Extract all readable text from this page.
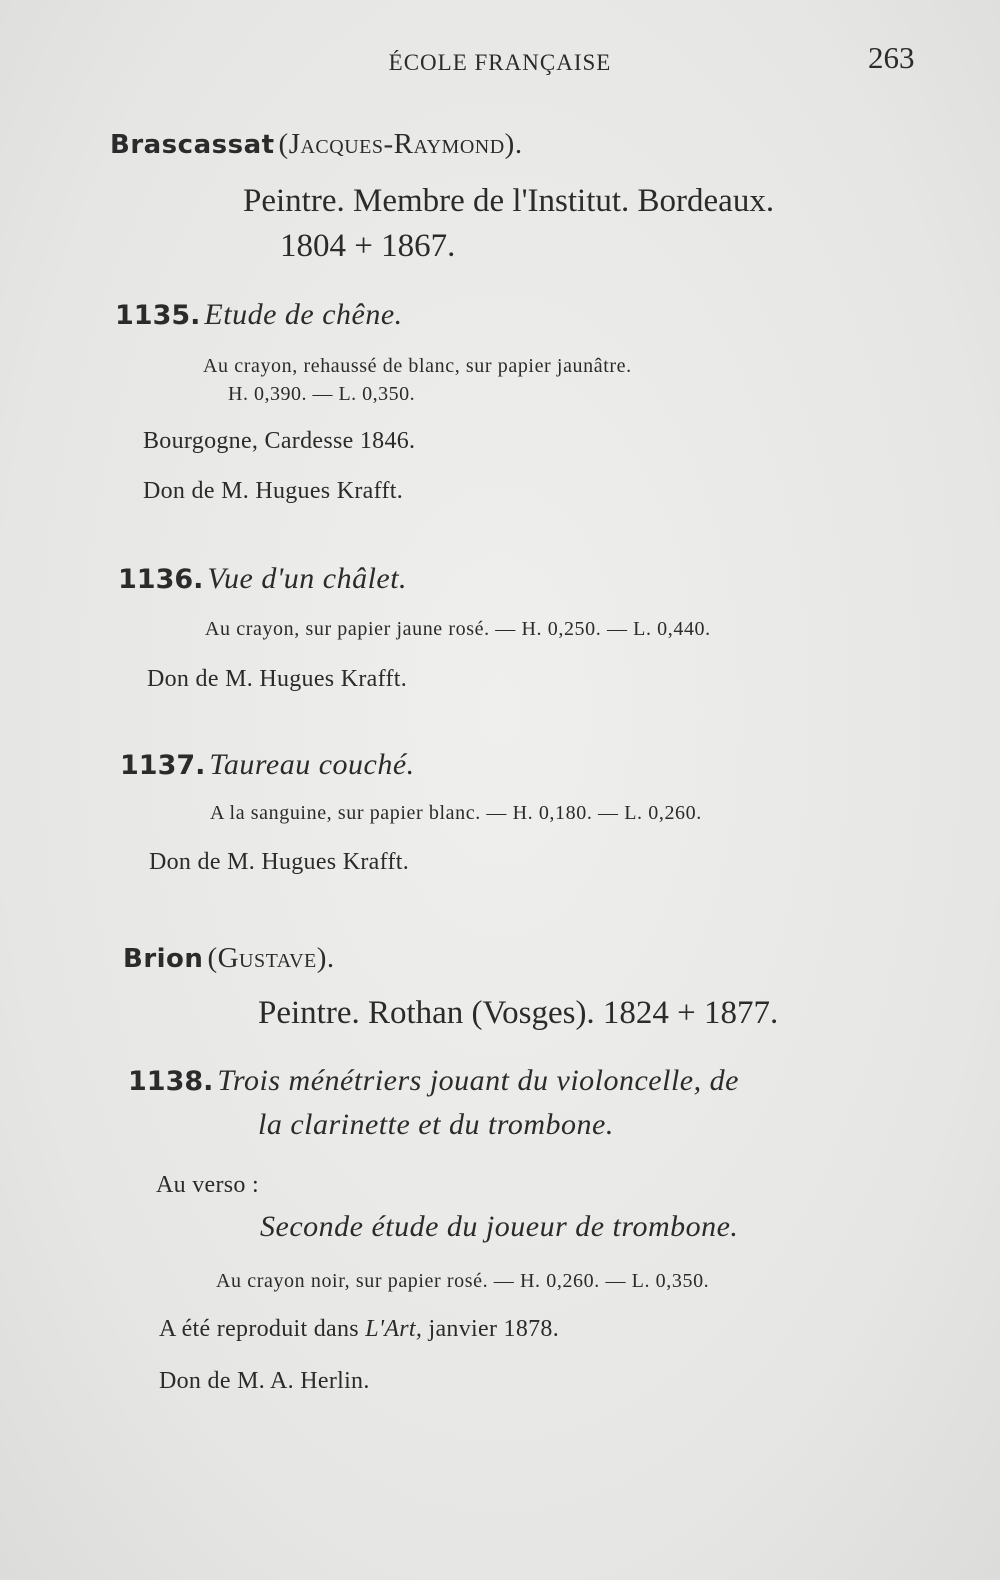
ÉCOLE FRANÇAISE	263
Brascassat (Jacques-Raymond).
Peintre. Membre de l'Institut. Bordeaux.
1804 + 1867.
1135. Etude de chêne.
Au crayon, rehaussé de blanc, sur papier jaunâtre.
H. 0,390. — L. 0,350.
Bourgogne, Cardesse 1846.
Don de M. Hugues Krafft.
1136. Vue d'un châlet.
Au crayon, sur papier jaune rosé. — H. 0,250. — L. 0,440.
Don de M. Hugues Krafft.
1137. Taureau couché.
A la sanguine, sur papier blanc. — H. 0,180. — L. 0,260.
Don de M. Hugues Krafft.
Brion (Gustave).
Peintre. Rothan (Vosges). 1824 + 1877.
1138. Trois ménétriers jouant du violoncelle, de
la clarinette et du trombone.
Au verso :
Seconde étude du joueur de trombone.
Au crayon noir, sur papier rosé. — H. 0,260. — L. 0,350.
A été reproduit dans L'Art, janvier 1878.
Don de M. A. Herlin.
